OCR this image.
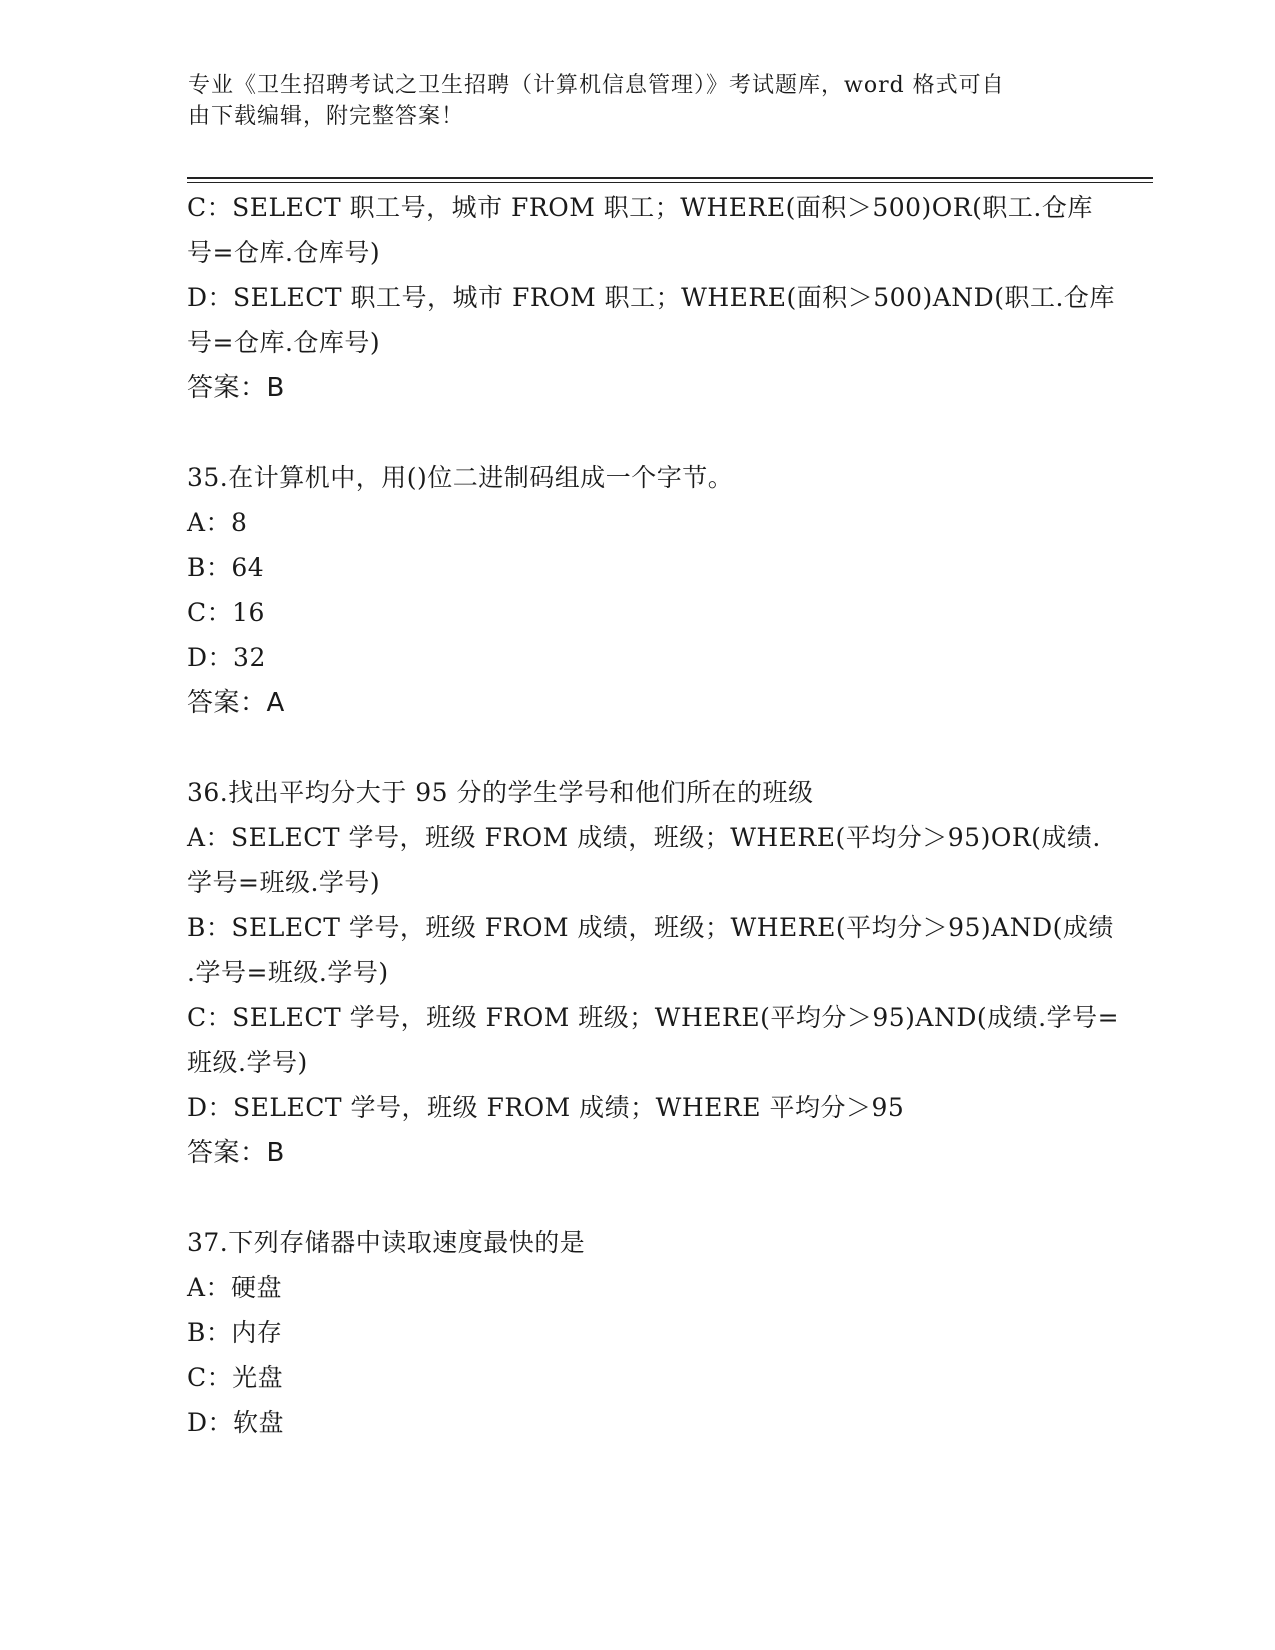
专业《卫生招聘考试之卫生招聘（计算机信息管理）》考试题库，word 格式可自
由下载编辑，附完整答案！
C：SELECT 职工号，城市 FROM 职工；WHERE(面积＞500)OR(职工.仓库
号=仓库.仓库号)
D：SELECT 职工号，城市 FROM 职工；WHERE(面积＞500)AND(职工.仓库
号=仓库.仓库号)
答案：B
35.在计算机中，用()位二进制码组成一个字节。
A：8
B：64
C：16
D：32
答案：A
36.找出平均分大于 95 分的学生学号和他们所在的班级
A：SELECT 学号，班级 FROM 成绩，班级；WHERE(平均分＞95)OR(成绩.
学号=班级.学号)
B：SELECT 学号，班级 FROM 成绩，班级；WHERE(平均分＞95)AND(成绩
.学号=班级.学号)
C：SELECT 学号，班级 FROM 班级；WHERE(平均分＞95)AND(成绩.学号=
班级.学号)
D：SELECT 学号，班级 FROM 成绩；WHERE 平均分＞95
答案：B
37.下列存储器中读取速度最快的是
A：硬盘
B：内存
C：光盘
D：软盘
